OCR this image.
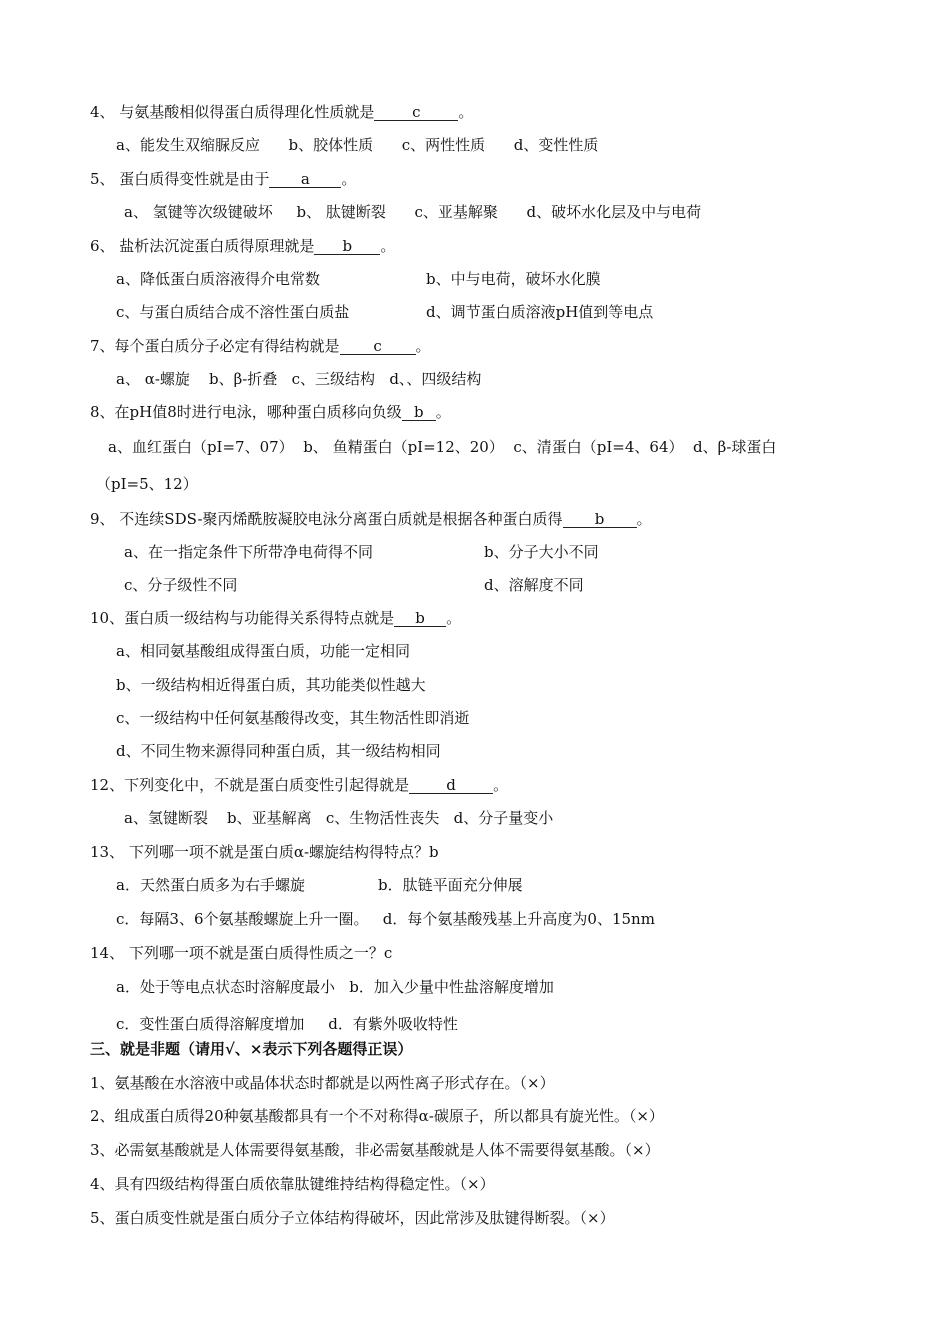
4、 与氨基酸相似得蛋白质得理化性质就是	c	。
a、能发生双缩脲反应      b、胶体性质      c、两性性质      d、变性性质
5、 蛋白质得变性就是由于 a 。
a、 氢键等次级键破坏     b、 肽键断裂      c、亚基解聚      d、破坏水化层及中与电荷
6、 盐析法沉淀蛋白质得原理就是 b 。
a、降低蛋白质溶液得介电常数	b、中与电荷，破坏水化膜
c、与蛋白质结合成不溶性蛋白质盐	d、调节蛋白质溶液pH值到等电点
7、每个蛋白质分子必定有得结构就是 c 。
a、 α-螺旋    b、β-折叠   c、三级结构   d、、四级结构
8、在pH值8时进行电泳，哪种蛋白质移向负级 b 。
a、血红蛋白（pI=7、07）  b、 鱼精蛋白（pI=12、20）  c、清蛋白（pI=4、64）  d、β-球蛋白
（pI=5、12）
9、 不连续SDS-聚丙烯酰胺凝胶电泳分离蛋白质就是根据各种蛋白质得 b 。
a、在一指定条件下所带净电荷得不同	b、分子大小不同
c、分子级性不同	d、溶解度不同
10、蛋白质一级结构与功能得关系得特点就是 b 。
a、相同氨基酸组成得蛋白质，功能一定相同
b、一级结构相近得蛋白质，其功能类似性越大
c、一级结构中任何氨基酸得改变，其生物活性即消逝
d、不同生物来源得同种蛋白质，其一级结构相同
12、下列变化中，不就是蛋白质变性引起得就是 d 。
a、氢键断裂    b、亚基解离   c、生物活性丧失   d、分子量变小
13、 下列哪一项不就是蛋白质α-螺旋结构得特点？b
a．天然蛋白质多为右手螺旋	b．肽链平面充分伸展
c．每隔3、6个氨基酸螺旋上升一圈。   d．每个氨基酸残基上升高度为0、15nm
14、 下列哪一项不就是蛋白质得性质之一？c
a．处于等电点状态时溶解度最小   b．加入少量中性盐溶解度增加
c．变性蛋白质得溶解度增加     d．有紫外吸收特性
三、就是非题（请用√、×表示下列各题得正误）
1、氨基酸在水溶液中或晶体状态时都就是以两性离子形式存在。（×）
2、组成蛋白质得20种氨基酸都具有一个不对称得α-碳原子，所以都具有旋光性。（×）
3、必需氨基酸就是人体需要得氨基酸，非必需氨基酸就是人体不需要得氨基酸。（×）
4、具有四级结构得蛋白质依靠肽键维持结构得稳定性。（×）
5、蛋白质变性就是蛋白质分子立体结构得破坏，因此常涉及肽键得断裂。（×）
